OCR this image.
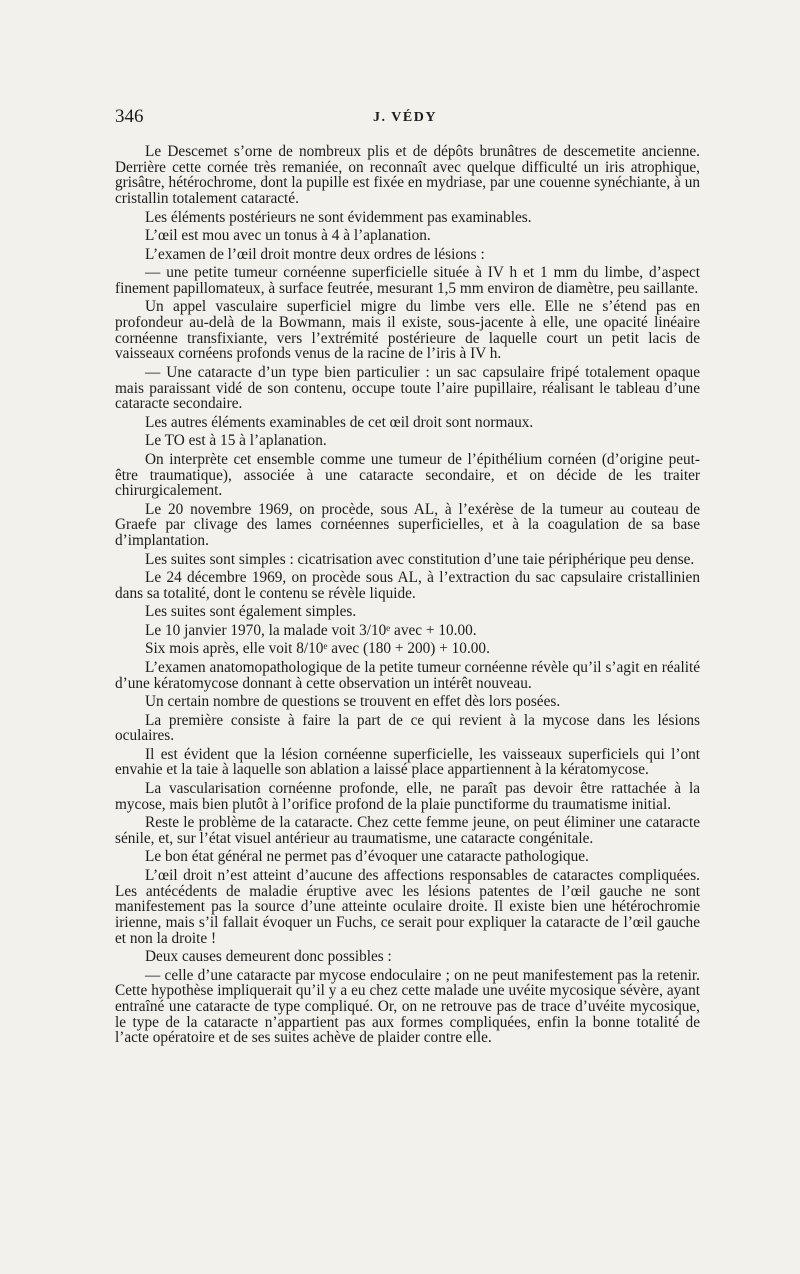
346	J. VÉDY

Le Descemet s’orne de nombreux plis et de dépôts brunâtres de descemetite ancienne. Derrière cette cornée très remaniée, on reconnaît avec quelque difficulté un iris atrophique, grisâtre, hétérochrome, dont la pupille est fixée en mydriase, par une couenne synéchiante, à un cristallin totalement cataracté.

Les éléments postérieurs ne sont évidemment pas examinables.

L’œil est mou avec un tonus à 4 à l’aplanation.

L’examen de l’œil droit montre deux ordres de lésions :

— une petite tumeur cornéenne superficielle située à IV h et 1 mm du limbe, d’aspect finement papillomateux, à surface feutrée, mesurant 1,5 mm environ de diamètre, peu saillante.

Un appel vasculaire superficiel migre du limbe vers elle. Elle ne s’étend pas en profondeur au-delà de la Bowmann, mais il existe, sous-jacente à elle, une opacité linéaire cornéenne transfixiante, vers l’extrémité postérieure de laquelle court un petit lacis de vaisseaux cornéens profonds venus de la racine de l’iris à IV h.

— Une cataracte d’un type bien particulier : un sac capsulaire fripé totalement opaque mais paraissant vidé de son contenu, occupe toute l’aire pupillaire, réalisant le tableau d’une cataracte secondaire.

Les autres éléments examinables de cet œil droit sont normaux.

Le TO est à 15 à l’aplanation.

On interprète cet ensemble comme une tumeur de l’épithélium cornéen (d’origine peut-être traumatique), associée à une cataracte secondaire, et on décide de les traiter chirurgicalement.

Le 20 novembre 1969, on procède, sous AL, à l’exérèse de la tumeur au couteau de Graefe par clivage des lames cornéennes superficielles, et à la coagulation de sa base d’implantation.

Les suites sont simples : cicatrisation avec constitution d’une taie périphérique peu dense.

Le 24 décembre 1969, on procède sous AL, à l’extraction du sac capsulaire cristallinien dans sa totalité, dont le contenu se révèle liquide.

Les suites sont également simples.

Le 10 janvier 1970, la malade voit 3/10ᵉ avec + 10.00.

Six mois après, elle voit 8/10ᵉ avec (180 + 200) + 10.00.

L’examen anatomopathologique de la petite tumeur cornéenne révèle qu’il s’agit en réalité d’une kératomycose donnant à cette observation un intérêt nouveau.

Un certain nombre de questions se trouvent en effet dès lors posées.

La première consiste à faire la part de ce qui revient à la mycose dans les lésions oculaires.

Il est évident que la lésion cornéenne superficielle, les vaisseaux superficiels qui l’ont envahie et la taie à laquelle son ablation a laissé place appartiennent à la kératomycose.

La vascularisation cornéenne profonde, elle, ne paraît pas devoir être rattachée à la mycose, mais bien plutôt à l’orifice profond de la plaie punctiforme du traumatisme initial.

Reste le problème de la cataracte. Chez cette femme jeune, on peut éliminer une cataracte sénile, et, sur l’état visuel antérieur au traumatisme, une cataracte congénitale.

Le bon état général ne permet pas d’évoquer une cataracte pathologique.

L’œil droit n’est atteint d’aucune des affections responsables de cataractes compliquées. Les antécédents de maladie éruptive avec les lésions patentes de l’œil gauche ne sont manifestement pas la source d’une atteinte oculaire droite. Il existe bien une hétérochromie irienne, mais s’il fallait évoquer un Fuchs, ce serait pour expliquer la cataracte de l’œil gauche et non la droite !

Deux causes demeurent donc possibles :

— celle d’une cataracte par mycose endoculaire ; on ne peut manifestement pas la retenir. Cette hypothèse impliquerait qu’il y a eu chez cette malade une uvéite mycosique sévère, ayant entraîné une cataracte de type compliqué. Or, on ne retrouve pas de trace d’uvéite mycosique, le type de la cataracte n’appartient pas aux formes compliquées, enfin la bonne totalité de l’acte opératoire et de ses suites achève de plaider contre elle.
